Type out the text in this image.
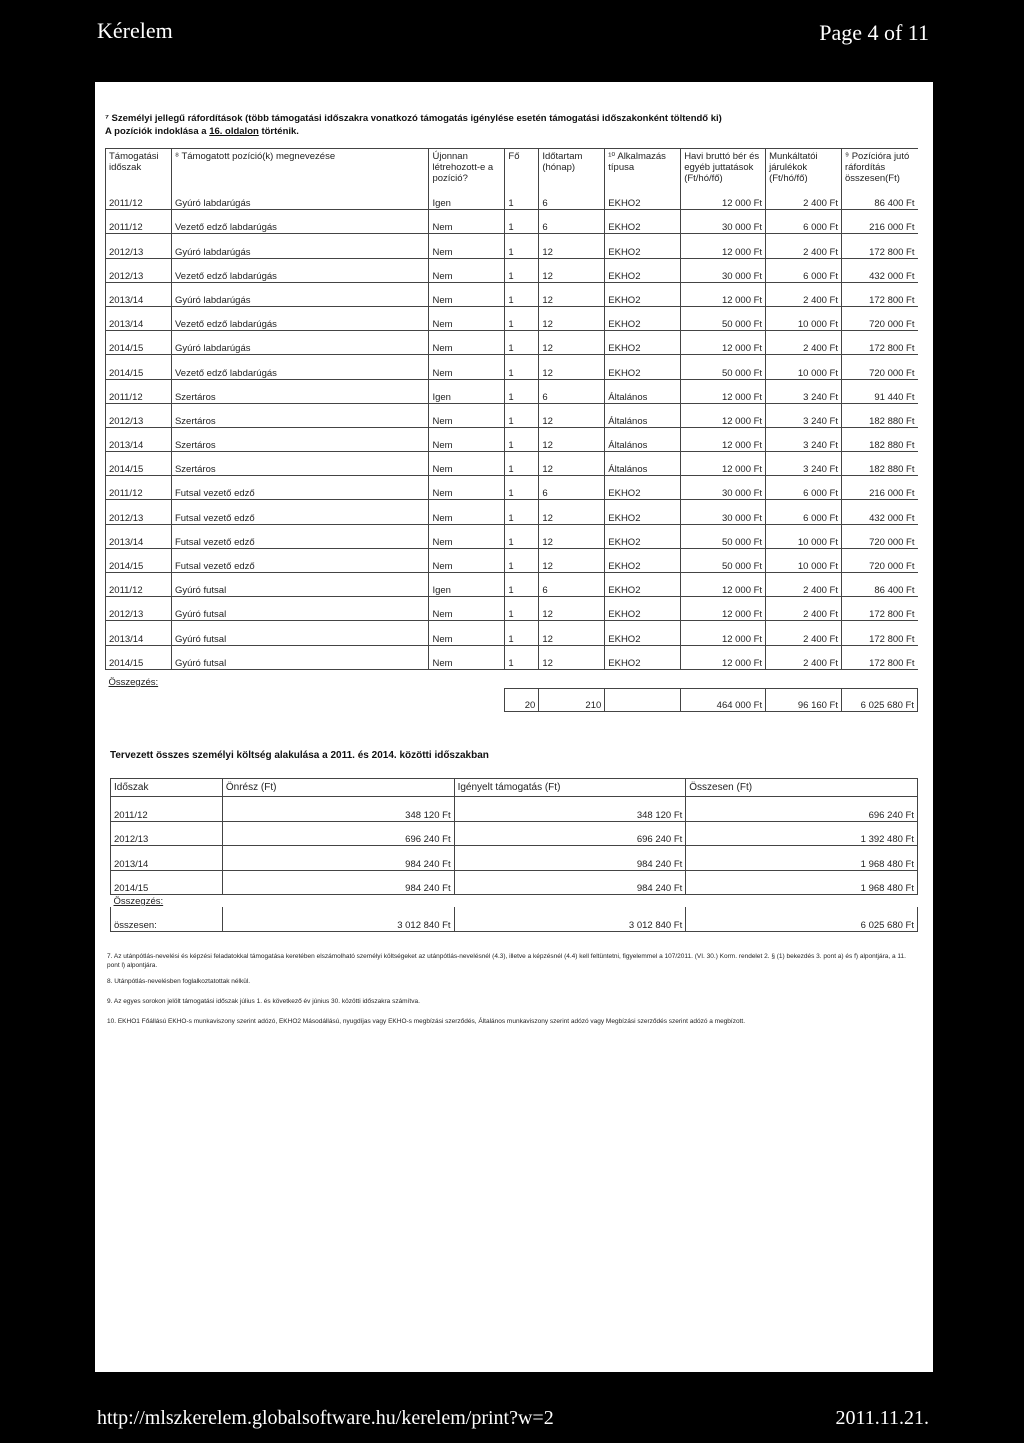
Kérelem	Page 4 of 11
⁷ Személyi jellegű ráfordítások (több támogatási időszakra vonatkozó támogatás igénylése esetén támogatási időszakonként töltendő ki)
A pozíciók indoklása a 16. oldalon történik.
Támogatási időszak	⁸ Támogatott pozíció(k) megnevezése	Újonnan létrehozott-e a pozíció?	Fő	Időtartam (hónap)	¹⁰ Alkalmazás típusa	Havi bruttó bér és egyéb juttatások (Ft/hó/fő)	Munkáltatói járulékok (Ft/hó/fő)	⁹ Pozícióra jutó ráfordítás összesen(Ft)
2011/12	Gyúró labdarúgás	Igen	1	6	EKHO2	12 000 Ft	2 400 Ft	86 400 Ft
2011/12	Vezető edző labdarúgás	Nem	1	6	EKHO2	30 000 Ft	6 000 Ft	216 000 Ft
2012/13	Gyúró labdarúgás	Nem	1	12	EKHO2	12 000 Ft	2 400 Ft	172 800 Ft
2012/13	Vezető edző labdarúgás	Nem	1	12	EKHO2	30 000 Ft	6 000 Ft	432 000 Ft
2013/14	Gyúró labdarúgás	Nem	1	12	EKHO2	12 000 Ft	2 400 Ft	172 800 Ft
2013/14	Vezető edző labdarúgás	Nem	1	12	EKHO2	50 000 Ft	10 000 Ft	720 000 Ft
2014/15	Gyúró labdarúgás	Nem	1	12	EKHO2	12 000 Ft	2 400 Ft	172 800 Ft
2014/15	Vezető edző labdarúgás	Nem	1	12	EKHO2	50 000 Ft	10 000 Ft	720 000 Ft
2011/12	Szertáros	Igen	1	6	Általános	12 000 Ft	3 240 Ft	91 440 Ft
2012/13	Szertáros	Nem	1	12	Általános	12 000 Ft	3 240 Ft	182 880 Ft
2013/14	Szertáros	Nem	1	12	Általános	12 000 Ft	3 240 Ft	182 880 Ft
2014/15	Szertáros	Nem	1	12	Általános	12 000 Ft	3 240 Ft	182 880 Ft
2011/12	Futsal vezető edző	Nem	1	6	EKHO2	30 000 Ft	6 000 Ft	216 000 Ft
2012/13	Futsal vezető edző	Nem	1	12	EKHO2	30 000 Ft	6 000 Ft	432 000 Ft
2013/14	Futsal vezető edző	Nem	1	12	EKHO2	50 000 Ft	10 000 Ft	720 000 Ft
2014/15	Futsal vezető edző	Nem	1	12	EKHO2	50 000 Ft	10 000 Ft	720 000 Ft
2011/12	Gyúró futsal	Igen	1	6	EKHO2	12 000 Ft	2 400 Ft	86 400 Ft
2012/13	Gyúró futsal	Nem	1	12	EKHO2	12 000 Ft	2 400 Ft	172 800 Ft
2013/14	Gyúró futsal	Nem	1	12	EKHO2	12 000 Ft	2 400 Ft	172 800 Ft
2014/15	Gyúró futsal	Nem	1	12	EKHO2	12 000 Ft	2 400 Ft	172 800 Ft
Összegzés:								
			20	210		464 000 Ft	96 160 Ft	6 025 680 Ft
Tervezett összes személyi költség alakulása a 2011. és 2014. közötti időszakban
Időszak	Önrész (Ft)	Igényelt támogatás (Ft)	Összesen (Ft)
2011/12	348 120 Ft	348 120 Ft	696 240 Ft
2012/13	696 240 Ft	696 240 Ft	1 392 480 Ft
2013/14	984 240 Ft	984 240 Ft	1 968 480 Ft
2014/15	984 240 Ft	984 240 Ft	1 968 480 Ft
Összegzés:			
összesen:	3 012 840 Ft	3 012 840 Ft	6 025 680 Ft
7. Az utánpótlás-nevelési és képzési feladatokkal támogatása keretében elszámolható személyi költségeket az utánpótlás-nevelésnél (4.3), illetve a képzésnél (4.4) kell feltüntetni, figyelemmel a 107/2011. (VI. 30.) Korm. rendelet 2. § (1) bekezdés 3. pont a) és f) alpontjára, a 11. pont l) alpontjára.
8. Utánpótlás-nevelésben foglalkoztatottak nélkül.
9. Az egyes sorokon jelölt támogatási időszak július 1. és következő év június 30. közötti időszakra számítva.
10. EKHO1 Főállású EKHO-s munkaviszony szerint adózó, EKHO2 Másodállású, nyugdíjas vagy EKHO-s megbízási szerződés, Általános munkaviszony szerint adózó vagy Megbízási szerződés szerint adózó a megbízott.
http://mlszkerelem.globalsoftware.hu/kerelem/print?w=2	2011.11.21.
